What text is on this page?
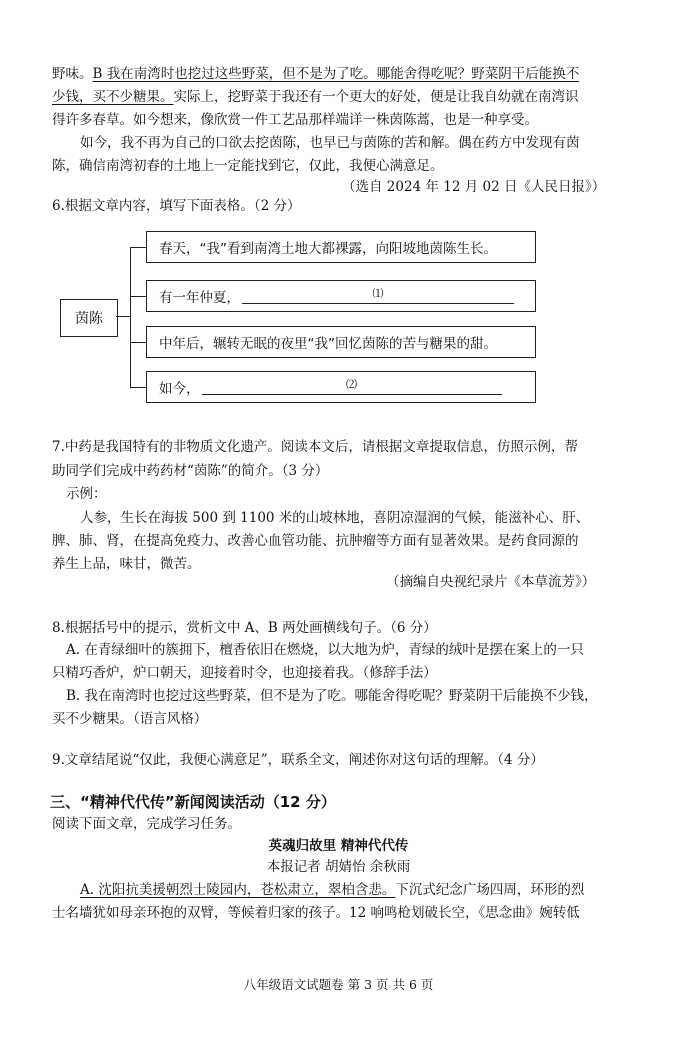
野味。B 我在南湾时也挖过这些野菜，但不是为了吃。哪能舍得吃呢？野菜阴干后能换不
少钱，买不少糖果。实际上，挖野菜于我还有一个更大的好处，便是让我自幼就在南湾识
得许多春草。如今想来，像欣赏一件工艺品那样端详一株茵陈蒿，也是一种享受。
如今，我不再为自己的口欲去挖茵陈，也早已与茵陈的苦和解。偶在药方中发现有茵
陈，确信南湾初春的土地上一定能找到它，仅此，我便心满意足。
（选自 2024 年 12 月 02 日《人民日报》）
6.根据文章内容，填写下面表格。（2 分）
茵陈
春天，“我”看到南湾土地大都裸露，向阳坡地茵陈生长。
有一年仲夏，	⑴
中年后，辗转无眠的夜里“我”回忆茵陈的苦与糖果的甜。
如今，	⑵
7.中药是我国特有的非物质文化遗产。阅读本文后，请根据文章提取信息，仿照示例，帮
助同学们完成中药药材“茵陈”的简介。（3 分）
示例：
人参，生长在海拔 500 到 1100 米的山坡林地，喜阴凉湿润的气候，能滋补心、肝、
脾、肺、肾，在提高免疫力、改善心血管功能、抗肿瘤等方面有显著效果。是药食同源的
养生上品，味甘，微苦。
（摘编自央视纪录片《本草流芳》）
8.根据括号中的提示，赏析文中 A、B 两处画横线句子。（6 分）
A. 在青绿细叶的簇拥下，檀香依旧在燃烧，以大地为炉，青绿的绒叶是摆在案上的一只
只精巧香炉，炉口朝天，迎接着时令，也迎接着我。（修辞手法）
B. 我在南湾时也挖过这些野菜，但不是为了吃。哪能舍得吃呢？野菜阴干后能换不少钱，
买不少糖果。（语言风格）
9.文章结尾说“仅此，我便心满意足”，联系全文，阐述你对这句话的理解。（4 分）
三、“精神代代传”新闻阅读活动（12 分）
阅读下面文章，完成学习任务。
英魂归故里 精神代代传
本报记者 胡婧怡 余秋雨
A. 沈阳抗美援朝烈士陵园内，苍松肃立，翠柏含悲。下沉式纪念广场四周，环形的烈
士名墙犹如母亲环抱的双臂，等候着归家的孩子。12 响鸣枪划破长空，《思念曲》婉转低
八年级语文试题卷 第 3 页 共 6 页
